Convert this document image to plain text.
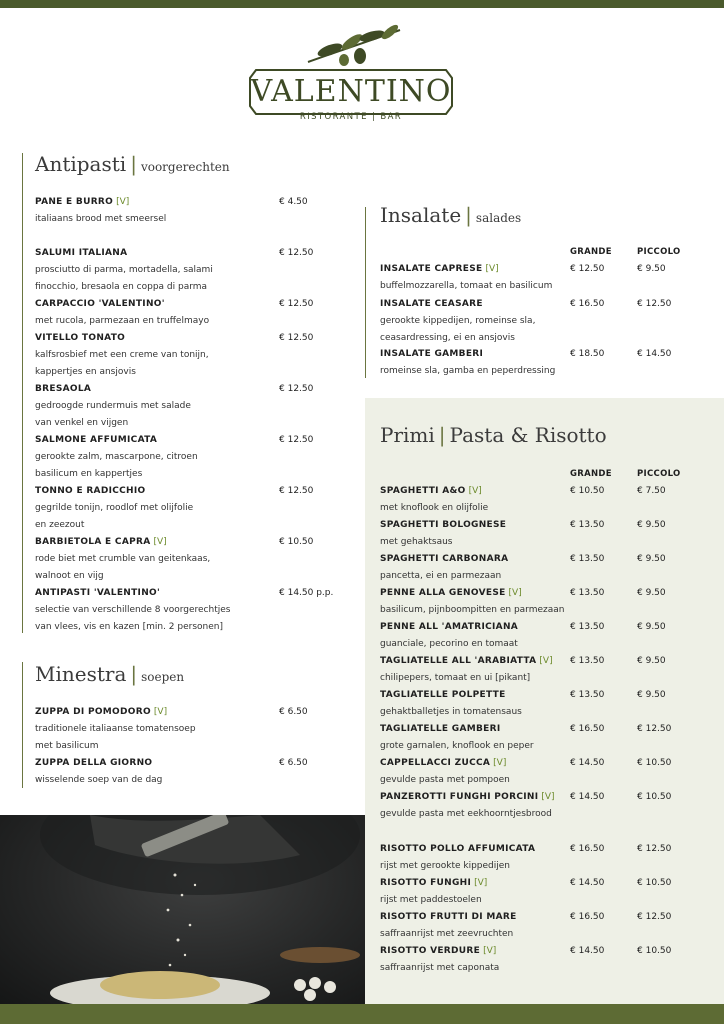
VALENTINO
RISTORANTE | BAR
Antipasti | voorgerechten
PANE E BURRO [V]	€ 4.50
italiaans brood met smeersel
SALUMI ITALIANA	€ 12.50
prosciutto di parma, mortadella, salami
finocchio, bresaola en coppa di parma
CARPACCIO 'VALENTINO'	€ 12.50
met rucola, parmezaan en truffelmayo
VITELLO TONATO	€ 12.50
kalfsrosbief met een creme van tonijn,
kappertjes en ansjovis
BRESAOLA	€ 12.50
gedroogde rundermuis met salade
van venkel en vijgen
SALMONE AFFUMICATA	€ 12.50
gerookte zalm, mascarpone, citroen
basilicum en kappertjes
TONNO E RADICCHIO	€ 12.50
gegrilde tonijn, roodlof met olijfolie
en zeezout
BARBIETOLA E CAPRA [V]	€ 10.50
rode biet met crumble van geitenkaas,
walnoot en vijg
ANTIPASTI 'VALENTINO'	€ 14.50 p.p.
selectie van verschillende 8 voorgerechtjes
van vlees, vis en kazen [min. 2 personen]
Minestra | soepen
ZUPPA DI POMODORO [V]	€ 6.50
traditionele italiaanse tomatensoep
met basilicum
ZUPPA DELLA GIORNO	€ 6.50
wisselende soep van de dag
Insalate | salades
GRANDE	PICCOLO
INSALATE CAPRESE [V]	€ 12.50	€ 9.50
buffelmozzarella, tomaat en basilicum
INSALATE CEASARE	€ 16.50	€ 12.50
gerookte kippedijen, romeinse sla,
ceasardressing, ei en ansjovis
INSALATE GAMBERI	€ 18.50	€ 14.50
romeinse sla, gamba en peperdressing
Primi | Pasta & Risotto
GRANDE	PICCOLO
SPAGHETTI A&O [V]	€ 10.50	€ 7.50
met knoflook en olijfolie
SPAGHETTI BOLOGNESE	€ 13.50	€ 9.50
met gehaktsaus
SPAGHETTI CARBONARA	€ 13.50	€ 9.50
pancetta, ei en parmezaan
PENNE ALLA GENOVESE [V]	€ 13.50	€ 9.50
basilicum, pijnboompitten en parmezaan
PENNE ALL 'AMATRICIANA	€ 13.50	€ 9.50
guanciale, pecorino en tomaat
TAGLIATELLE ALL 'ARABIATTA [V] € 13.50	€ 9.50
chilipepers, tomaat en ui [pikant]
TAGLIATELLE POLPETTE	€ 13.50	€ 9.50
gehaktballetjes in tomatensaus
TAGLIATELLE GAMBERI	€ 16.50	€ 12.50
grote garnalen, knoflook en peper
CAPPELLACCI ZUCCA [V]	€ 14.50	€ 10.50
gevulde pasta met pompoen
PANZEROTTI FUNGHI PORCINI [V] € 14.50	€ 10.50
gevulde pasta met eekhoorntjesbrood
RISOTTO POLLO AFFUMICATA	€ 16.50	€ 12.50
rijst met gerookte kippedijen
RISOTTO FUNGHI [V]	€ 14.50	€ 10.50
rijst met paddestoelen
RISOTTO FRUTTI DI MARE	€ 16.50	€ 12.50
saffraanrijst met zeevruchten
RISOTTO VERDURE [V]	€ 14.50	€ 10.50
saffraanrijst met caponata
